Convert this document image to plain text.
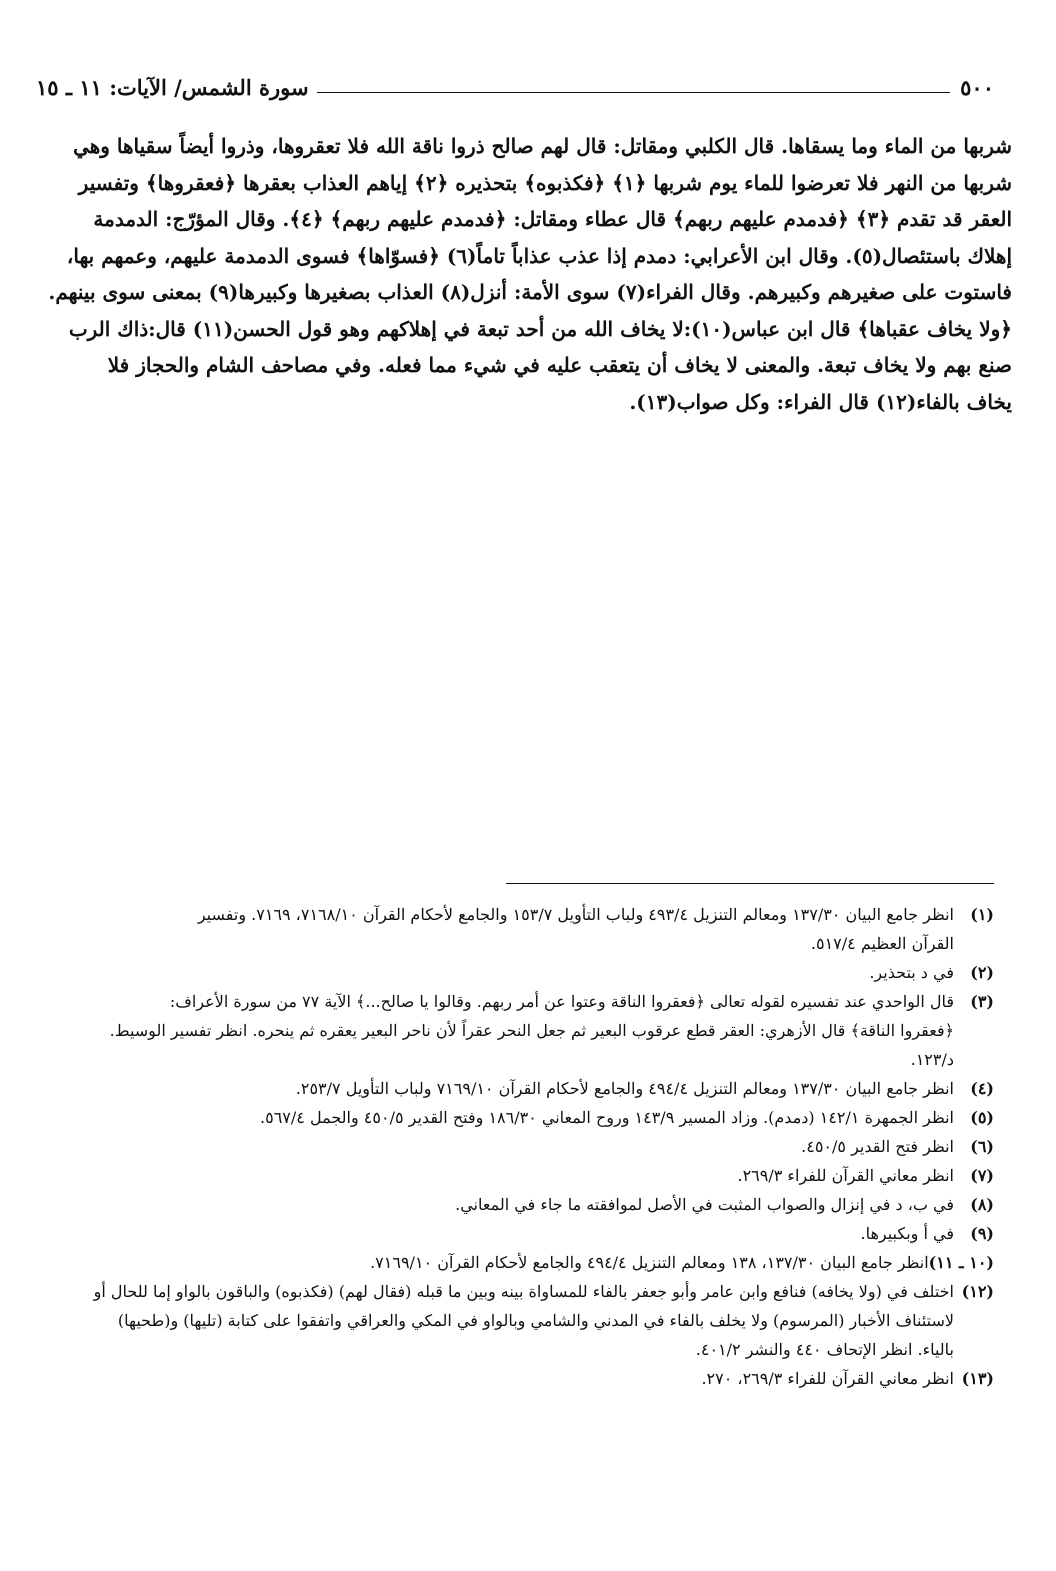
٥٠٠
سورة الشمس/ الآيات: ١١ ـ ١٥
شربها من الماء وما يسقاها. قال الكلبي ومقاتل: قال لهم صالح ذروا ناقة الله فلا تعقروها، وذروا أيضاً سقياها وهي
شربها من النهر فلا تعرضوا للماء يوم شربها ﴿١﴾ ﴿فكذبوه﴾ بتحذيره ﴿٢﴾ إياهم العذاب بعقرها ﴿فعقروها﴾ وتفسير
العقر قد تقدم ﴿٣﴾ ﴿فدمدم عليهم ربهم﴾ قال عطاء ومقاتل: ﴿فدمدم عليهم ربهم﴾ ﴿٤﴾. وقال المؤرّج: الدمدمة
إهلاك باستئصال(٥). وقال ابن الأعرابي: دمدم إذا عذب عذاباً تاماً(٦) ﴿فسوّاها﴾ فسوى الدمدمة عليهم، وعمهم بها،
فاستوت على صغيرهم وكبيرهم. وقال الفراء(٧) سوى الأمة: أنزل(٨) العذاب بصغيرها وكبيرها(٩) بمعنى سوى بينهم.
﴿ولا يخاف عقباها﴾ قال ابن عباس(١٠):لا يخاف الله من أحد تبعة في إهلاكهم وهو قول الحسن(١١) قال:ذاك الرب
صنع بهم ولا يخاف تبعة. والمعنى لا يخاف أن يتعقب عليه في شيء مما فعله. وفي مصاحف الشام والحجاز فلا
يخاف بالفاء(١٢) قال الفراء: وكل صواب(١٣).
(١)
انظر جامع البيان ١٣٧/٣٠ ومعالم التنزيل ٤٩٣/٤ ولباب التأويل ١٥٣/٧ والجامع لأحكام القرآن ٧١٦٨/١٠، ٧١٦٩. وتفسير
القرآن العظيم ٥١٧/٤.
(٢)
في د بتحذير.
(٣)
قال الواحدي عند تفسيره لقوله تعالى ﴿فعقروا الناقة وعتوا عن أمر ربهم. وقالوا يا صالح...﴾ الآية ٧٧ من سورة الأعراف:
﴿فعقروا الناقة﴾ قال الأزهري: العقر قطع عرقوب البعير ثم جعل النحر عقراً لأن ناحر البعير يعقره ثم ينحره. انظر تفسير الوسيط.
د/١٢٣.
(٤)
انظر جامع البيان ١٣٧/٣٠ ومعالم التنزيل ٤٩٤/٤ والجامع لأحكام القرآن ٧١٦٩/١٠ ولباب التأويل ٢٥٣/٧.
(٥)
انظر الجمهرة ١٤٢/١ (دمدم). وزاد المسير ١٤٣/٩ وروح المعاني ١٨٦/٣٠ وفتح القدير ٤٥٠/٥ والجمل ٥٦٧/٤.
(٦)
انظر فتح القدير ٤٥٠/٥.
(٧)
انظر معاني القرآن للفراء ٢٦٩/٣.
(٨)
في ب، د في إنزال والصواب المثبت في الأصل لموافقته ما جاء في المعاني.
(٩)
في أ وبكبيرها.
(١٠ ـ ١١)
انظر جامع البيان ١٣٧/٣٠، ١٣٨ ومعالم التنزيل ٤٩٤/٤ والجامع لأحكام القرآن ٧١٦٩/١٠.
(١٢)
اختلف في (ولا يخافه) فنافع وابن عامر وأبو جعفر بالفاء للمساواة بينه وبين ما قبله (فقال لهم) (فكذبوه) والباقون بالواو إما للحال أو
لاستئناف الأخبار (المرسوم) ولا يخلف بالفاء في المدني والشامي وبالواو في المكي والعراقي واتفقوا على كتابة (تليها) و(طحيها)
بالياء. انظر الإتحاف ٤٤٠ والنشر ٤٠١/٢.
(١٣)
انظر معاني القرآن للفراء ٢٦٩/٣، ٢٧٠.
